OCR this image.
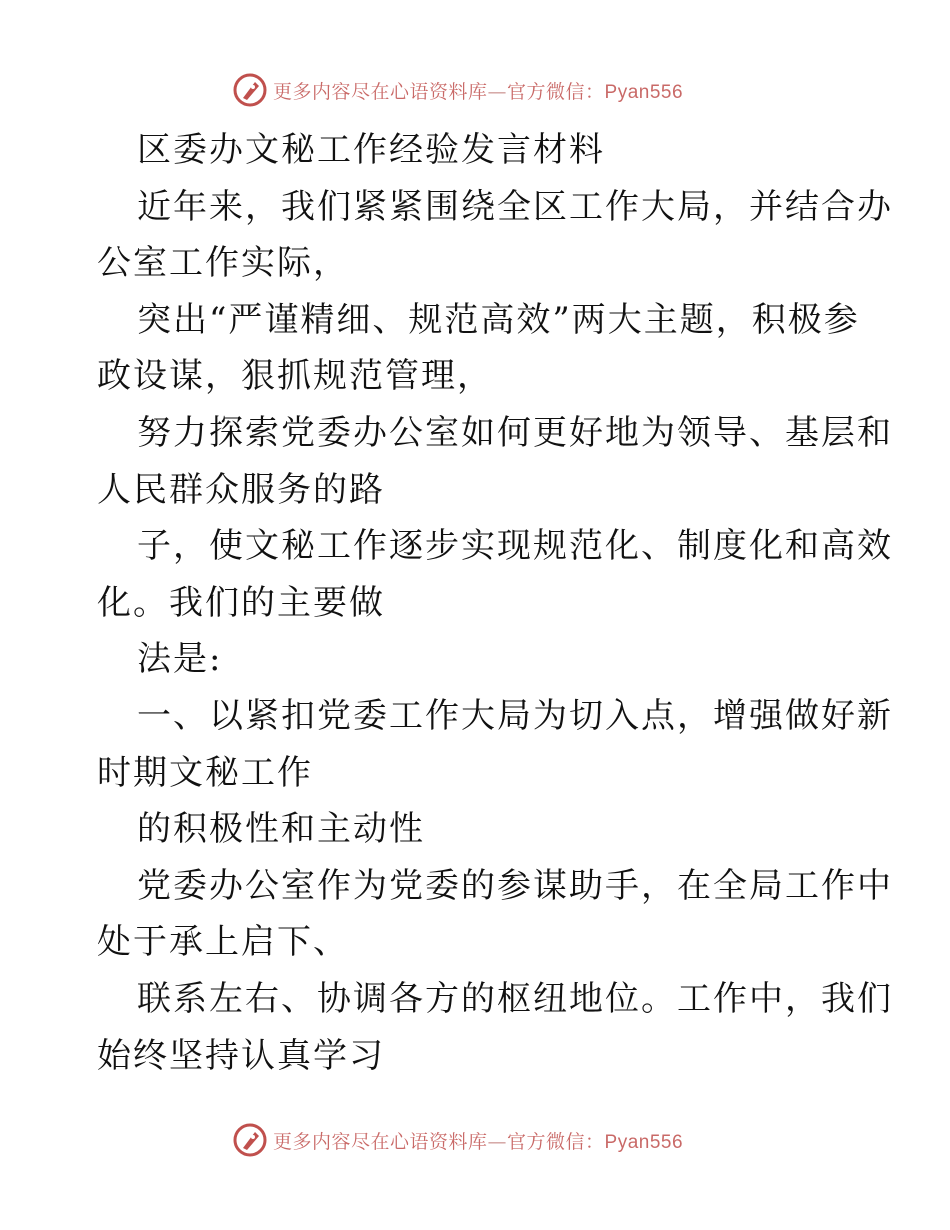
更多内容尽在心语资料库—官方微信：Pyan556
区委办文秘工作经验发言材料
近年来，我们紧紧围绕全区工作大局，并结合办
公室工作实际，
突出“严谨精细、规范高效”两大主题，积极参
政设谋，狠抓规范管理，
努力探索党委办公室如何更好地为领导、基层和
人民群众服务的路
子，使文秘工作逐步实现规范化、制度化和高效
化。我们的主要做
法是:
一、以紧扣党委工作大局为切入点，增强做好新
时期文秘工作
的积极性和主动性
党委办公室作为党委的参谋助手，在全局工作中
处于承上启下、
联系左右、协调各方的枢纽地位。工作中，我们
始终坚持认真学习
更多内容尽在心语资料库—官方微信：Pyan556
